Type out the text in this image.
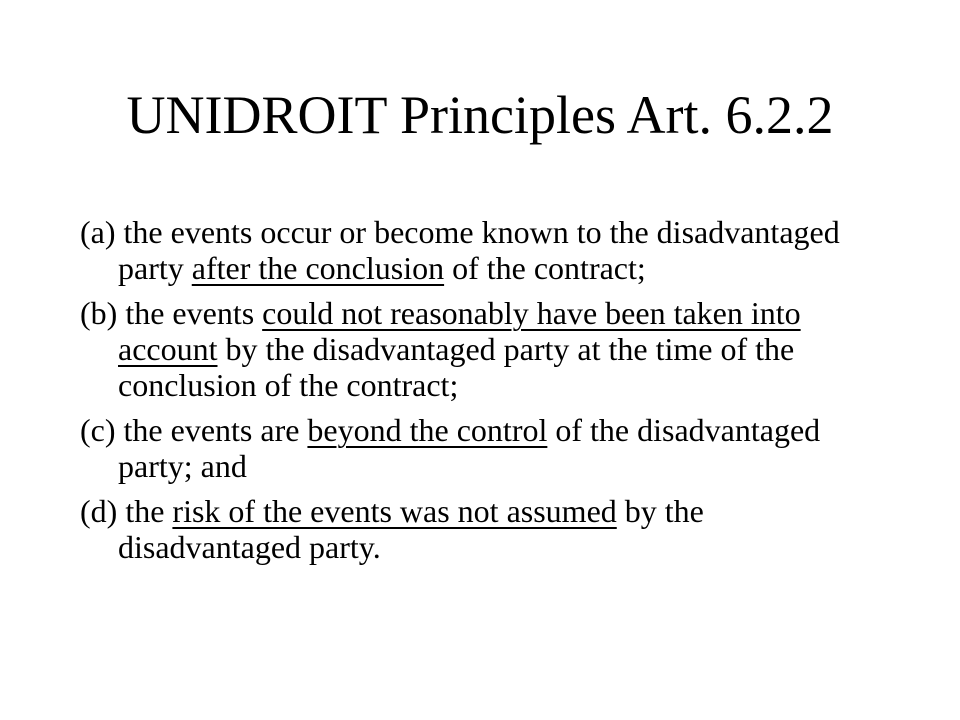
UNIDROIT Principles Art. 6.2.2
(a) the events occur or become known to the disadvantaged party after the conclusion of the contract;
(b) the events could not reasonably have been taken into account by the disadvantaged party at the time of the conclusion of the contract;
(c) the events are beyond the control of the disadvantaged party; and
(d) the risk of the events was not assumed by the disadvantaged party.
